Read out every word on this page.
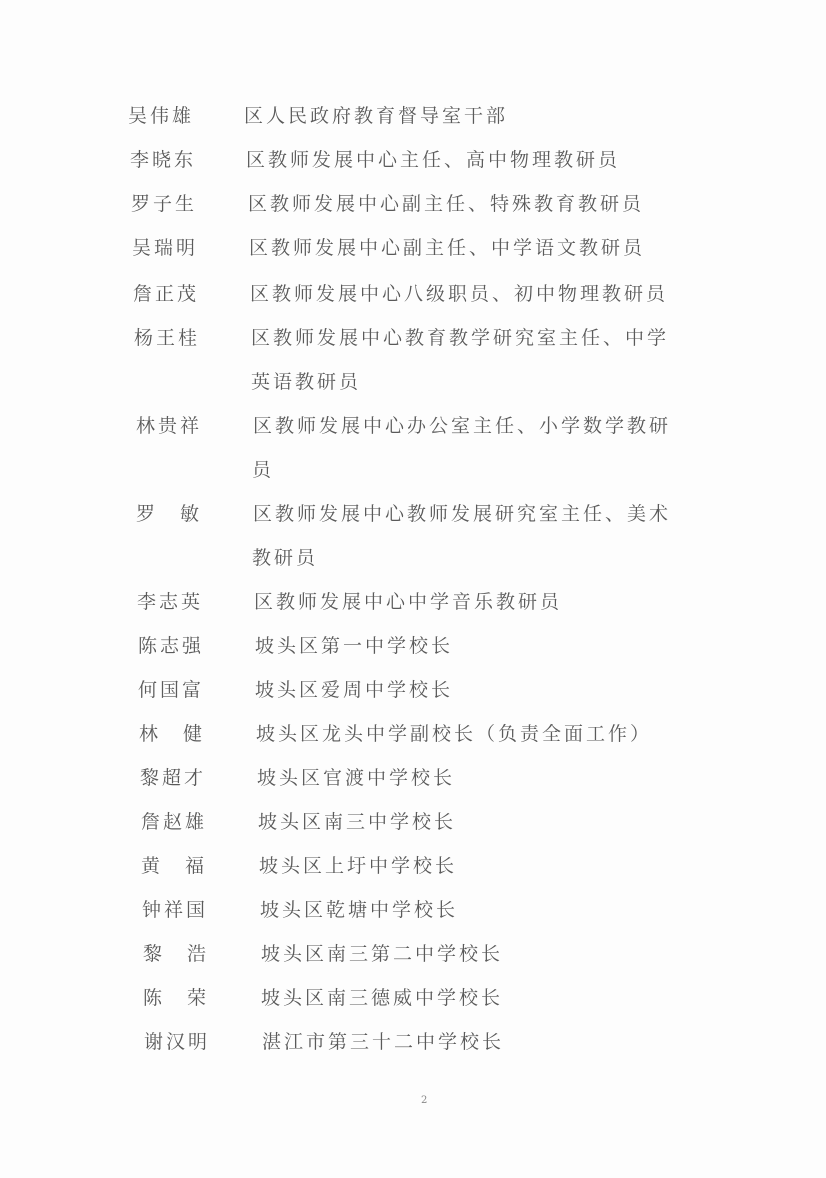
吴伟雄	区人民政府教育督导室干部
李晓东	区教师发展中心主任、高中物理教研员
罗子生	区教师发展中心副主任、特殊教育教研员
吴瑞明	区教师发展中心副主任、中学语文教研员
詹正茂	区教师发展中心八级职员、初中物理教研员
杨王桂	区教师发展中心教育教学研究室主任、中学
英语教研员
林贵祥	区教师发展中心办公室主任、小学数学教研
员
罗　敏	区教师发展中心教师发展研究室主任、美术
教研员
李志英	区教师发展中心中学音乐教研员
陈志强	坡头区第一中学校长
何国富	坡头区爱周中学校长
林　健	坡头区龙头中学副校长（负责全面工作）
黎超才	坡头区官渡中学校长
詹赵雄	坡头区南三中学校长
黄　福	坡头区上圩中学校长
钟祥国	坡头区乾塘中学校长
黎　浩	坡头区南三第二中学校长
陈　荣	坡头区南三德威中学校长
谢汉明	湛江市第三十二中学校长
2
